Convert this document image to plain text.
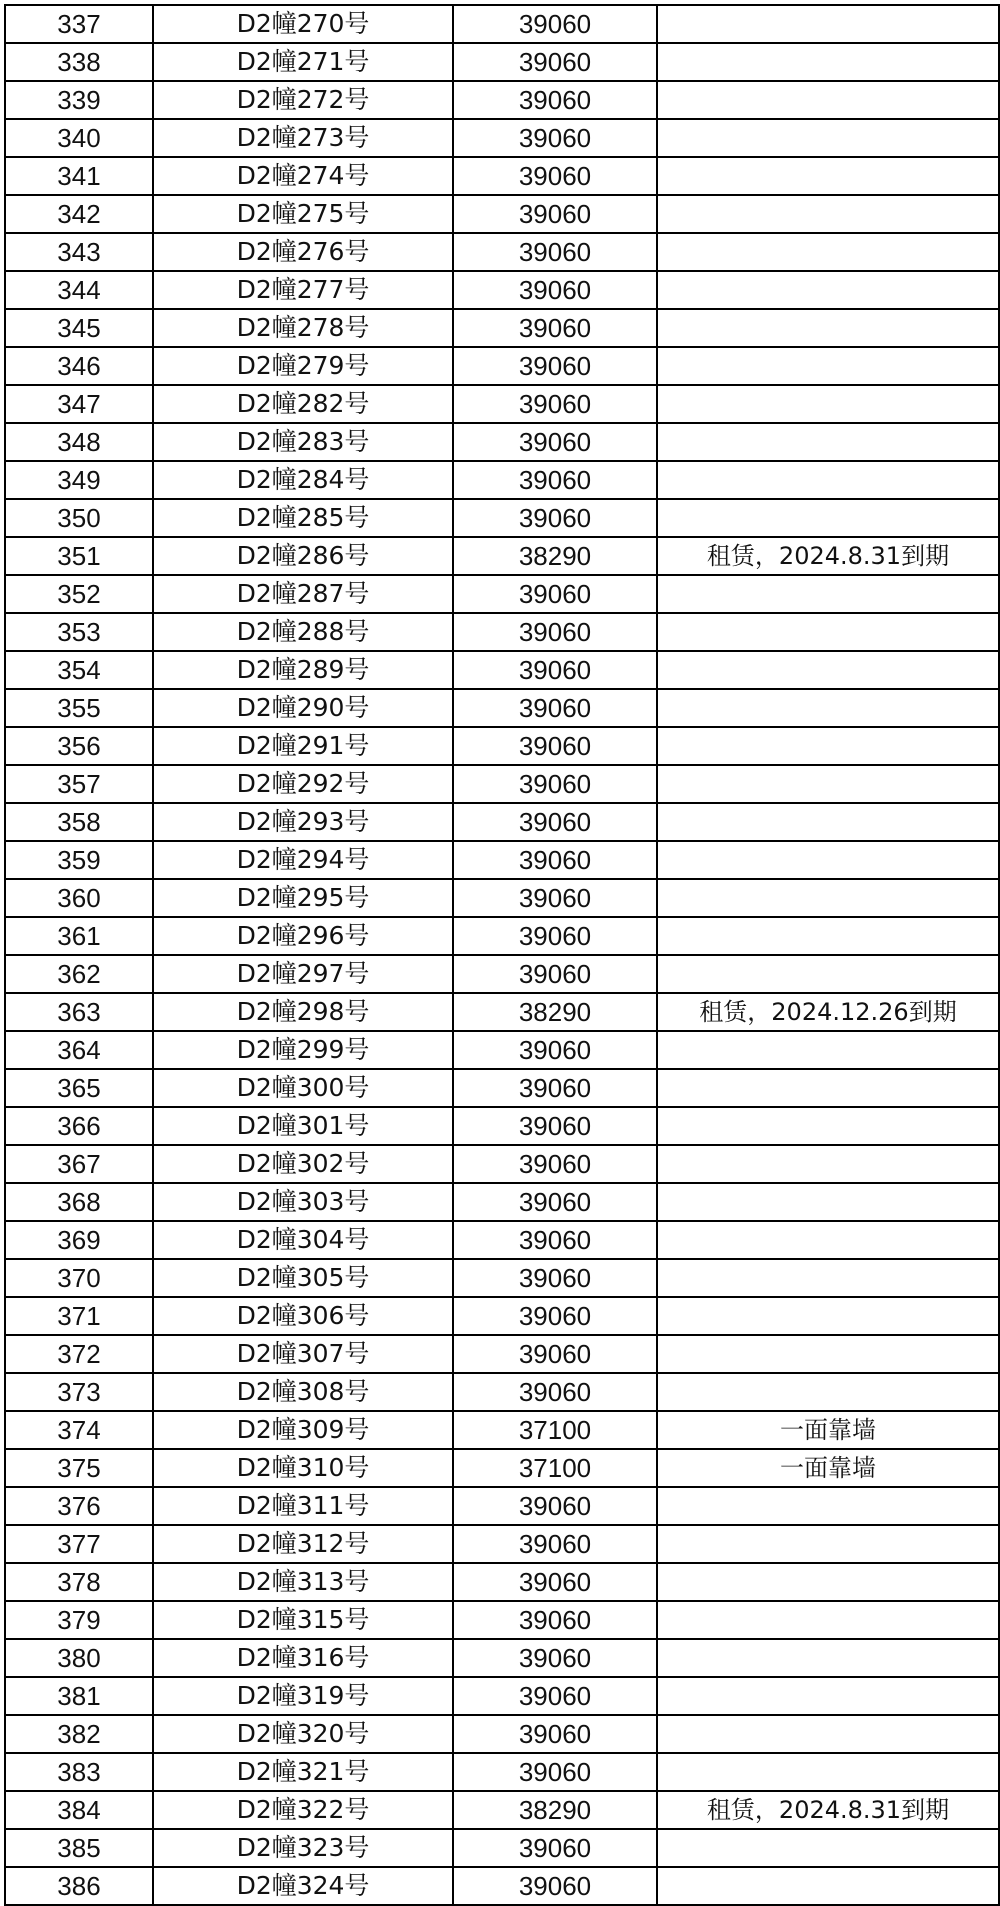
337	D2幢270号	39060	
338	D2幢271号	39060	
339	D2幢272号	39060	
340	D2幢273号	39060	
341	D2幢274号	39060	
342	D2幢275号	39060	
343	D2幢276号	39060	
344	D2幢277号	39060	
345	D2幢278号	39060	
346	D2幢279号	39060	
347	D2幢282号	39060	
348	D2幢283号	39060	
349	D2幢284号	39060	
350	D2幢285号	39060	
351	D2幢286号	38290	租赁，2024.8.31到期
352	D2幢287号	39060	
353	D2幢288号	39060	
354	D2幢289号	39060	
355	D2幢290号	39060	
356	D2幢291号	39060	
357	D2幢292号	39060	
358	D2幢293号	39060	
359	D2幢294号	39060	
360	D2幢295号	39060	
361	D2幢296号	39060	
362	D2幢297号	39060	
363	D2幢298号	38290	租赁，2024.12.26到期
364	D2幢299号	39060	
365	D2幢300号	39060	
366	D2幢301号	39060	
367	D2幢302号	39060	
368	D2幢303号	39060	
369	D2幢304号	39060	
370	D2幢305号	39060	
371	D2幢306号	39060	
372	D2幢307号	39060	
373	D2幢308号	39060	
374	D2幢309号	37100	一面靠墙
375	D2幢310号	37100	一面靠墙
376	D2幢311号	39060	
377	D2幢312号	39060	
378	D2幢313号	39060	
379	D2幢315号	39060	
380	D2幢316号	39060	
381	D2幢319号	39060	
382	D2幢320号	39060	
383	D2幢321号	39060	
384	D2幢322号	38290	租赁，2024.8.31到期
385	D2幢323号	39060	
386	D2幢324号	39060	
